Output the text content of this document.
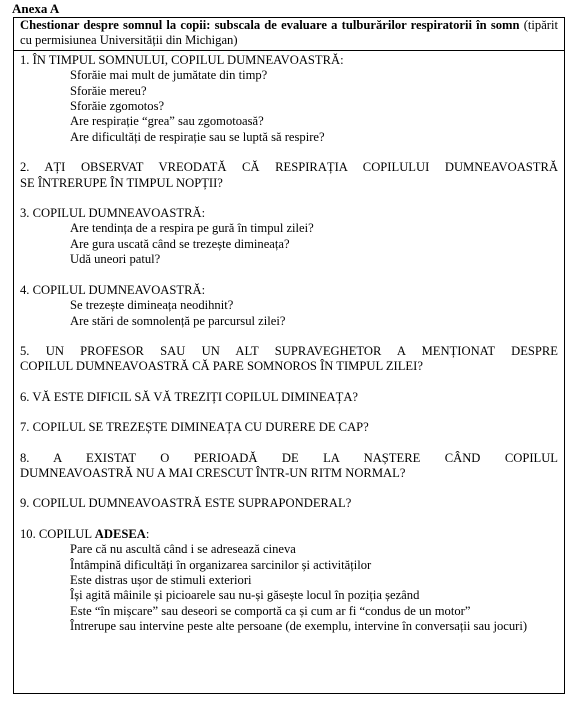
Anexa A
Chestionar despre somnul la copii: subscala de evaluare a tulburărilor respiratorii în somn (tipărit cu permisiunea Universității din Michigan)
1. ÎN TIMPUL SOMNULUI, COPILUL DUMNEAVOASTRĂ:
Sforăie mai mult de jumătate din timp?
Sforăie mereu?
Sforăie zgomotos?
Are respirație “grea” sau zgomotoasă?
Are dificultăți de respirație sau se luptă să respire?
2. AȚI OBSERVAT VREODATĂ CĂ RESPIRAȚIA COPILULUI DUMNEAVOASTRĂ
SE ÎNTRERUPE ÎN TIMPUL NOPȚII?
3. COPILUL DUMNEAVOASTRĂ:
Are tendința de a respira pe gură în timpul zilei?
Are gura uscată când se trezește dimineața?
Udă uneori patul?
4. COPILUL DUMNEAVOASTRĂ:
Se trezește dimineața neodihnit?
Are stări de somnolență pe parcursul zilei?
5. UN PROFESOR SAU UN ALT SUPRAVEGHETOR A MENȚIONAT DESPRE
COPILUL DUMNEAVOASTRĂ CĂ PARE SOMNOROS ÎN TIMPUL ZILEI?
6. VĂ ESTE DIFICIL SĂ VĂ TREZIȚI COPILUL DIMINEAȚA?
7. COPILUL SE TREZEȘTE DIMINEAȚA CU DURERE DE CAP?
8. A EXISTAT O PERIOADĂ DE LA NAȘTERE CÂND COPILUL
DUMNEAVOASTRĂ NU A MAI CRESCUT ÎNTR-UN RITM NORMAL?
9. COPILUL DUMNEAVOASTRĂ ESTE SUPRAPONDERAL?
10. COPILUL ADESEA:
Pare că nu ascultă când i se adresează cineva
Întâmpină dificultăți în organizarea sarcinilor și activităților
Este distras ușor de stimuli exteriori
Își agită mâinile și picioarele sau nu-și găsește locul în poziția șezând
Este “în mișcare” sau deseori se comportă ca și cum ar fi “condus de un motor”
Întrerupe sau intervine peste alte persoane (de exemplu, intervine în conversații sau jocuri)
